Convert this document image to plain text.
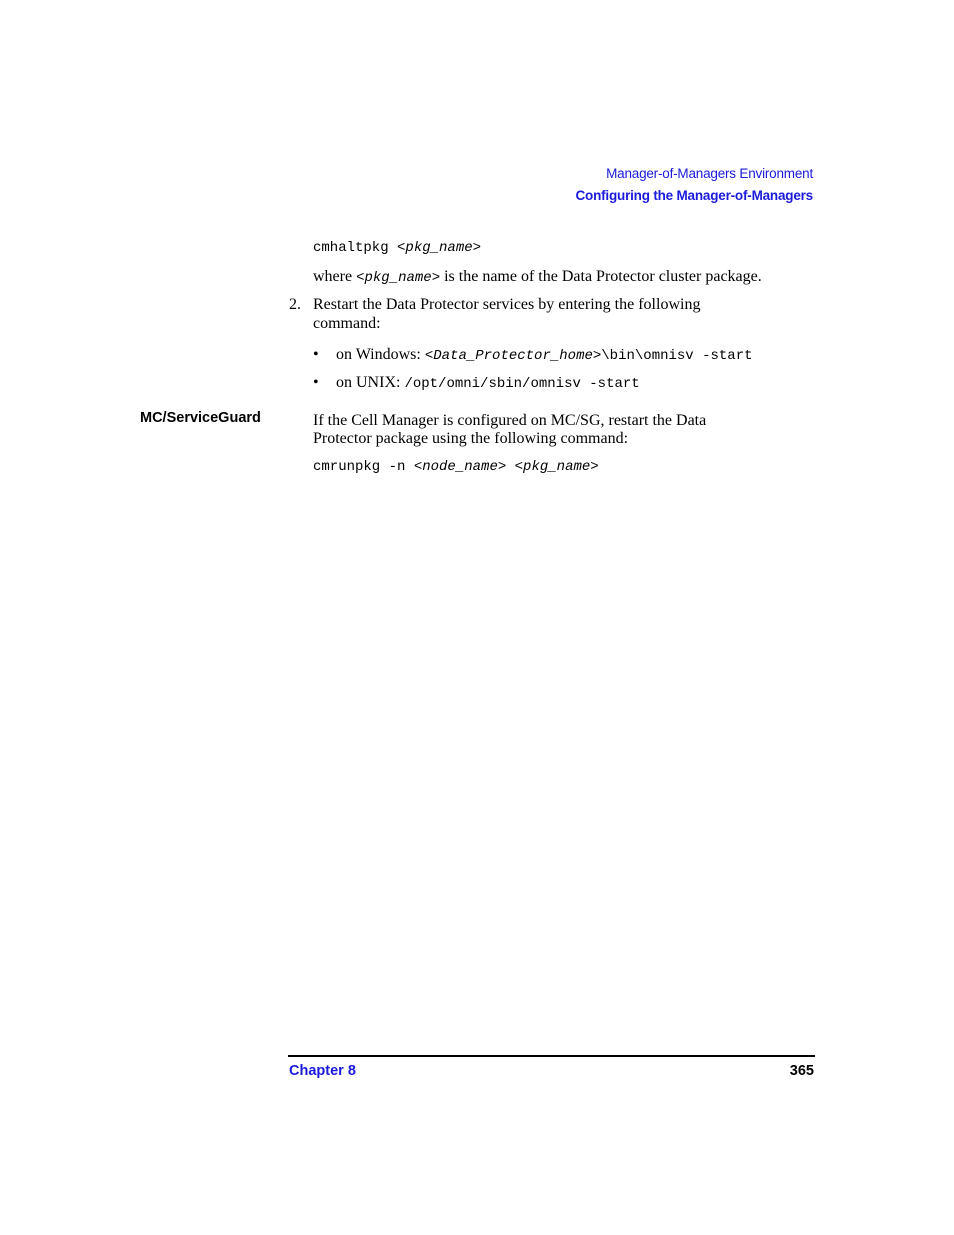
Manager-of-Managers Environment
Configuring the Manager-of-Managers
cmhaltpkg <pkg_name>
where <pkg_name> is the name of the Data Protector cluster package.
2. Restart the Data Protector services by entering the following
command:
• on Windows: <Data_Protector_home>\bin\omnisv -start
• on UNIX: /opt/omni/sbin/omnisv -start
MC/ServiceGuard	If the Cell Manager is configured on MC/SG, restart the Data
Protector package using the following command:
cmrunpkg -n <node_name> <pkg_name>
Chapter 8	365
